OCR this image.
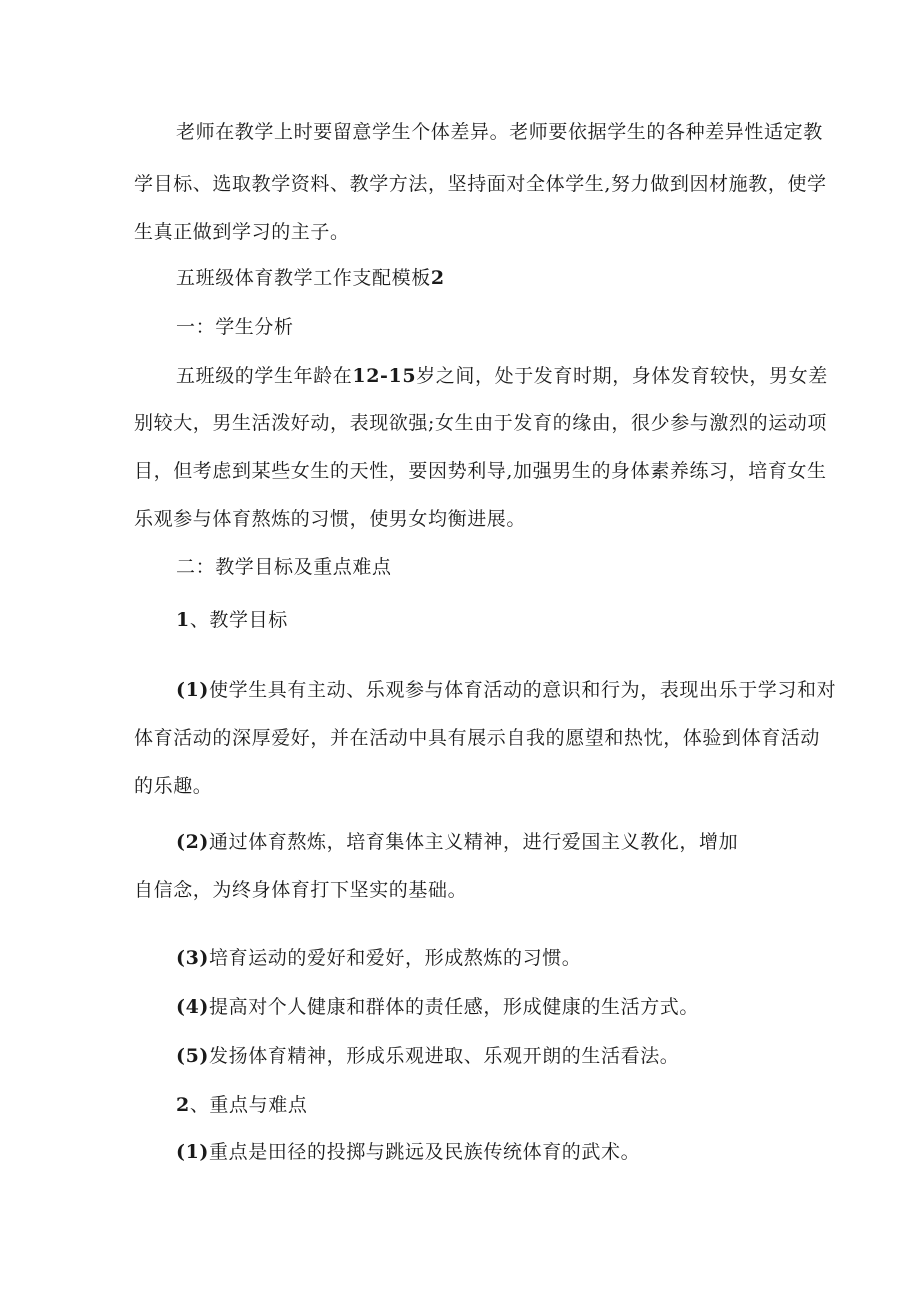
老师在教学上时要留意学生个体差异。老师要依据学生的各种差异性适定教
学目标、选取教学资料、教学方法，坚持面对全体学生,努力做到因材施教，使学
生真正做到学习的主子。
五班级体育教学工作支配模板2
一：学生分析
五班级的学生年龄在12-15岁之间，处于发育时期，身体发育较快，男女差
别较大，男生活泼好动，表现欲强;女生由于发育的缘由，很少参与激烈的运动项
目，但考虑到某些女生的天性，要因势利导,加强男生的身体素养练习，培育女生
乐观参与体育熬炼的习惯，使男女均衡进展。
二：教学目标及重点难点
1、教学目标
(1)使学生具有主动、乐观参与体育活动的意识和行为，表现出乐于学习和对
体育活动的深厚爱好，并在活动中具有展示自我的愿望和热忱，体验到体育活动
的乐趣。
(2)通过体育熬炼，培育集体主义精神，进行爱国主义教化，增加
自信念，为终身体育打下坚实的基础。
(3)培育运动的爱好和爱好，形成熬炼的习惯。
(4)提高对个人健康和群体的责任感，形成健康的生活方式。
(5)发扬体育精神，形成乐观进取、乐观开朗的生活看法。
2、重点与难点
(1)重点是田径的投掷与跳远及民族传统体育的武术。
